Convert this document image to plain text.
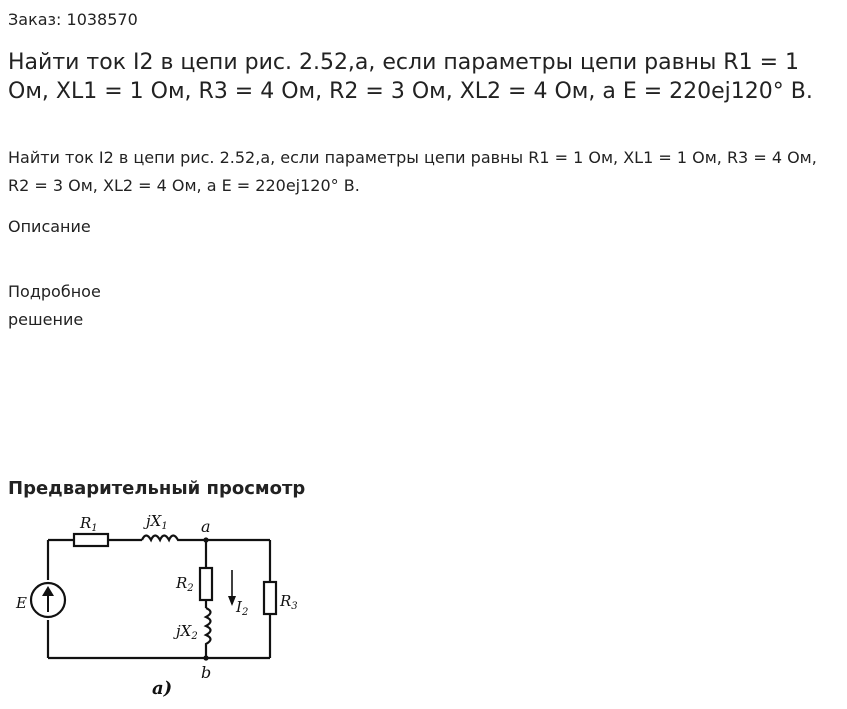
Заказ: 1038570
Найти ток I2 в цепи рис. 2.52,а, если параметры цепи равны R1 = 1 Ом, XL1 = 1 Ом, R3 = 4 Ом, R2 = 3 Ом, XL2 = 4 Ом, а E = 220ej120° B.

Найти ток I2 в цепи рис. 2.52,а, если параметры цепи равны R1 = 1 Ом, XL1 = 1 Ом, R3 = 4 Ом, R2 = 3 Ом, XL2 = 4 Ом, а E = 220ej120° B.

Описание
Подробное решение
Предварительный просмотр
$R_1$	$jX_1$ a
$R_2$
$jX_2$
$I_2$
$R_3$
E
b
a)
